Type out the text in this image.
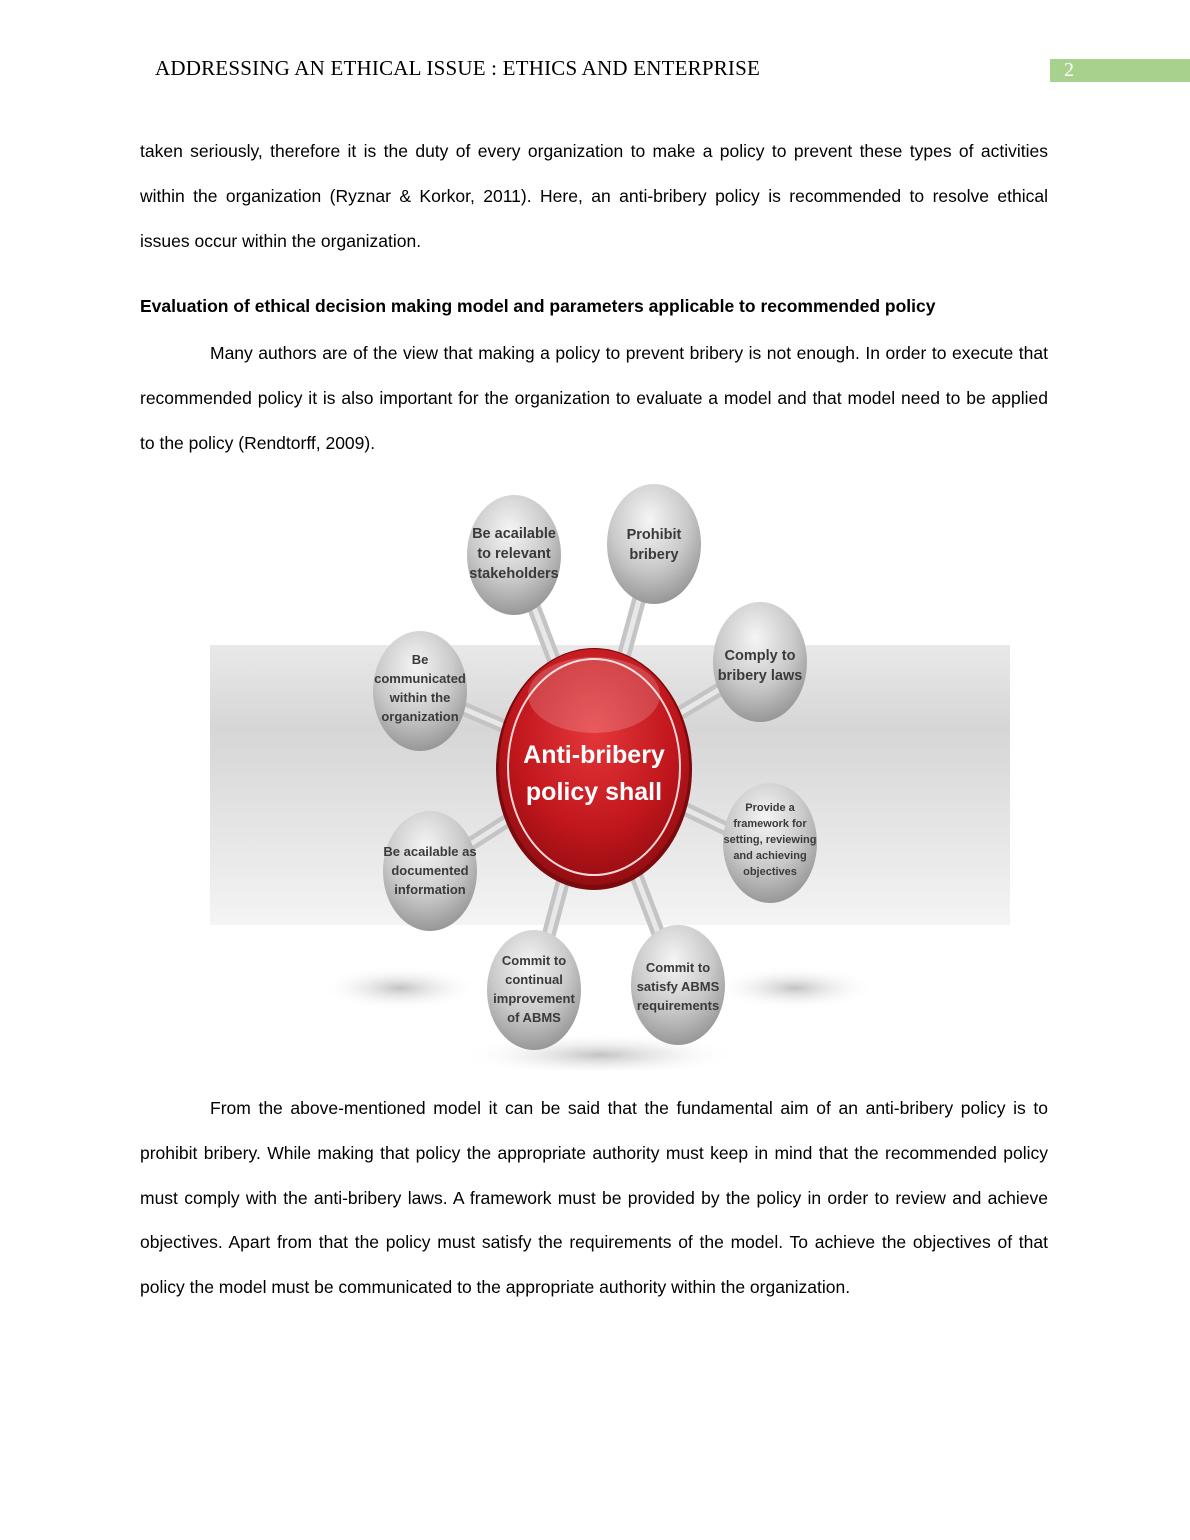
ADDRESSING AN ETHICAL ISSUE : ETHICS AND ENTERPRISE	2

taken seriously, therefore it is the duty of every organization to make a policy to prevent these types of activities within the organization (Ryznar & Korkor, 2011). Here, an anti-bribery policy is recommended to resolve ethical issues occur within the organization.

Evaluation of ethical decision making model and parameters applicable to recommended policy

Many authors are of the view that making a policy to prevent bribery is not enough. In order to execute that recommended policy it is also important for the organization to evaluate a model and that model need to be applied to the policy (Rendtorff, 2009).

Anti-bribery
policy shall
Be acailable
to relevant
stakeholders
Prohibit
bribery
Comply to
bribery laws
Provide a
framework for
setting, reviewing
and achieving
objectives
Commit to
satisfy ABMS
requirements
Commit to
continual
improvement
of ABMS
Be acailable as
documented
information
Be
communicated
within the
organization

From the above-mentioned model it can be said that the fundamental aim of an anti-bribery policy is to prohibit bribery. While making that policy the appropriate authority must keep in mind that the recommended policy must comply with the anti-bribery laws. A framework must be provided by the policy in order to review and achieve objectives. Apart from that the policy must satisfy the requirements of the model. To achieve the objectives of that policy the model must be communicated to the appropriate authority within the organization.
